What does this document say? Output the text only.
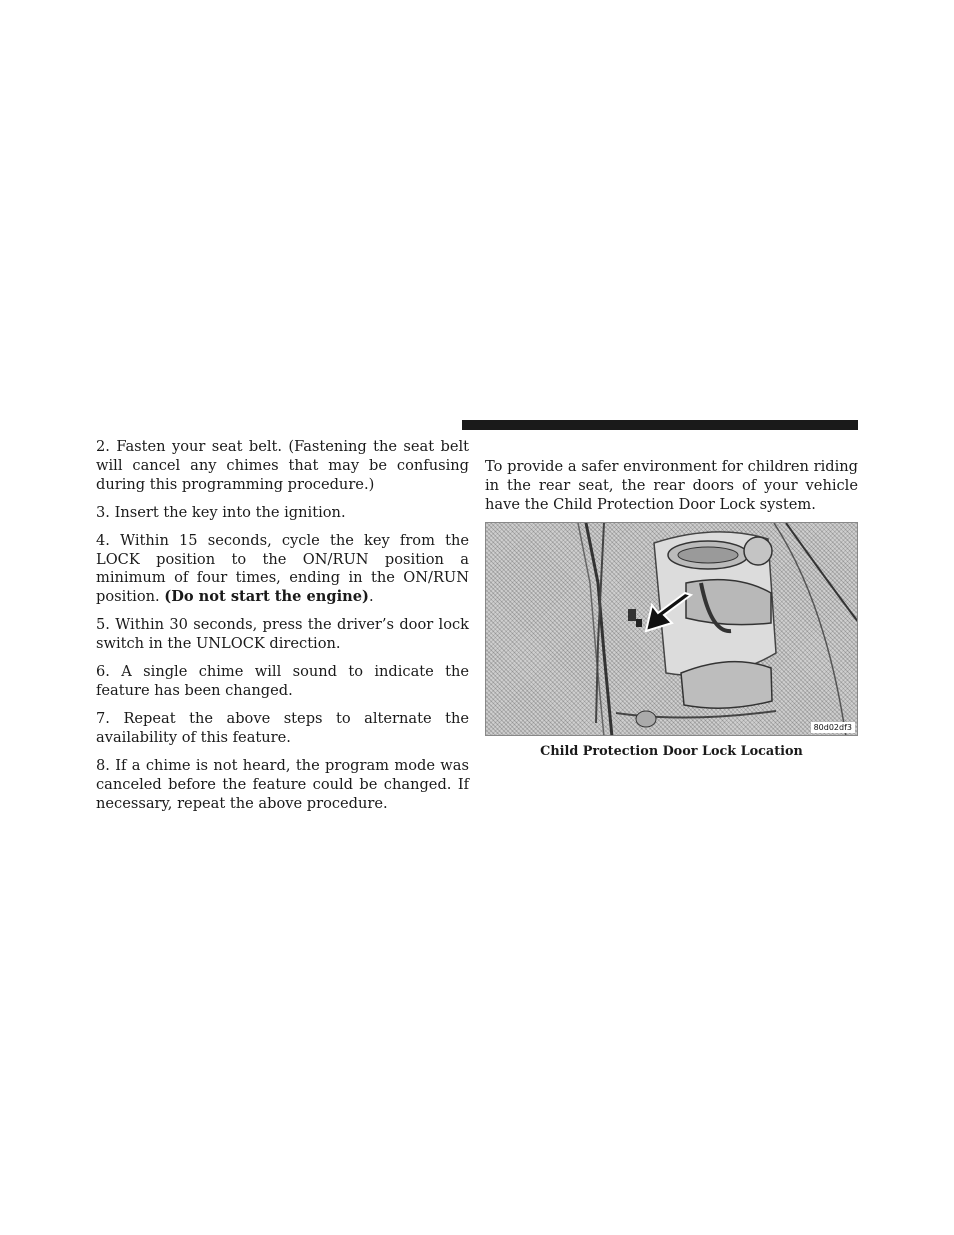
2. Fasten your seat belt. (Fastening the seat belt will cancel any chimes that may be confusing during this programming procedure.)

3. Insert the key into the ignition.

4. Within 15 seconds, cycle the key from the LOCK position to the ON/RUN position a minimum of four times, ending in the ON/RUN position. (Do not start the engine).

5. Within 30 seconds, press the driver’s door lock switch in the UNLOCK direction.

6. A single chime will sound to indicate the feature has been changed.

7. Repeat the above steps to alternate the availability of this feature.

8. If a chime is not heard, the program mode was canceled before the feature could be changed. If necessary, repeat the above procedure.

To provide a safer environment for children riding in the rear seat, the rear doors of your vehicle have the Child Protection Door Lock system.

80d02df3
Child Protection Door Lock Location
